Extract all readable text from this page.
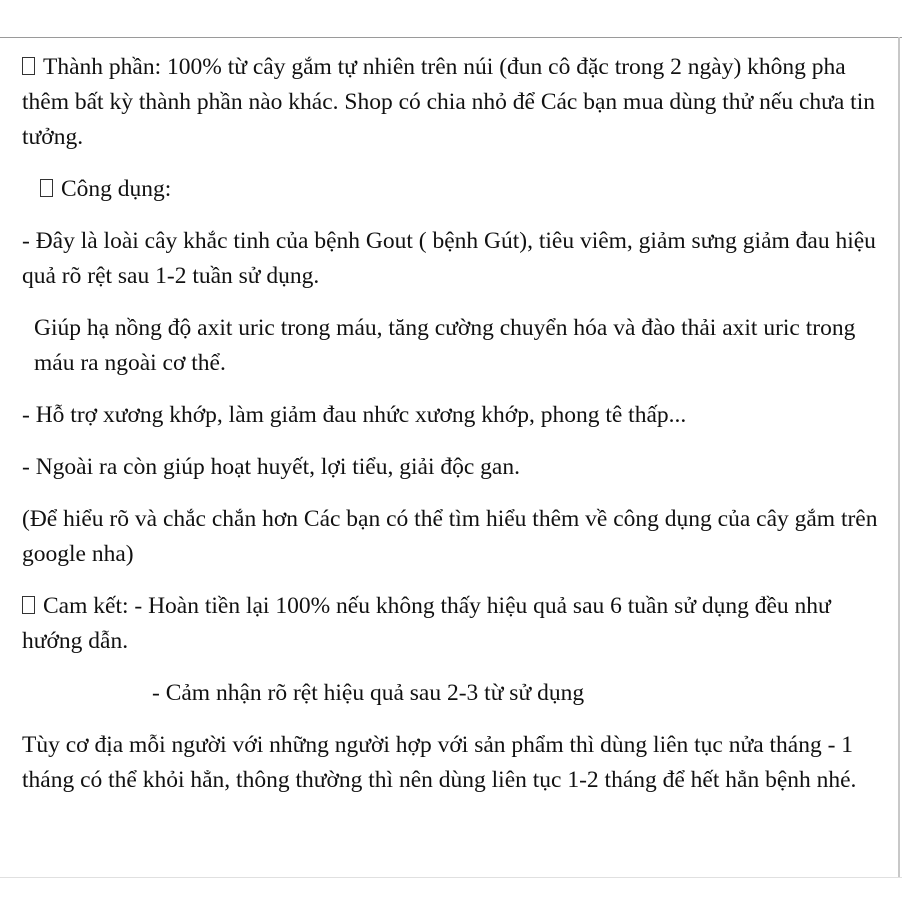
Thành phần: 100% từ cây gắm tự nhiên trên núi (đun cô đặc trong 2 ngày) không pha thêm bất kỳ thành phần nào khác. Shop có chia nhỏ để Các bạn mua dùng thử nếu chưa tin tưởng.

Công dụng:

- Đây là loài cây khắc tinh của bệnh Gout ( bệnh Gút), tiêu viêm, giảm sưng giảm đau hiệu quả rõ rệt sau 1-2 tuần sử dụng.

Giúp hạ nồng độ axit uric trong máu, tăng cường chuyển hóa và đào thải axit uric trong máu ra ngoài cơ thể.

- Hỗ trợ xương khớp, làm giảm đau nhức xương khớp, phong tê thấp...

- Ngoài ra còn giúp hoạt huyết, lợi tiểu, giải độc gan.

(Để hiểu rõ và chắc chắn hơn Các bạn có thể tìm hiểu thêm về công dụng của cây gắm trên google nha)

Cam kết: - Hoàn tiền lại 100% nếu không thấy hiệu quả sau 6 tuần sử dụng đều như hướng dẫn.

- Cảm nhận rõ rệt hiệu quả sau 2-3 từ sử dụng

Tùy cơ địa mỗi người với những người hợp với sản phẩm thì dùng liên tục nửa tháng - 1 tháng có thể khỏi hẳn, thông thường thì nên dùng liên tục 1-2 tháng để hết hẳn bệnh nhé.
